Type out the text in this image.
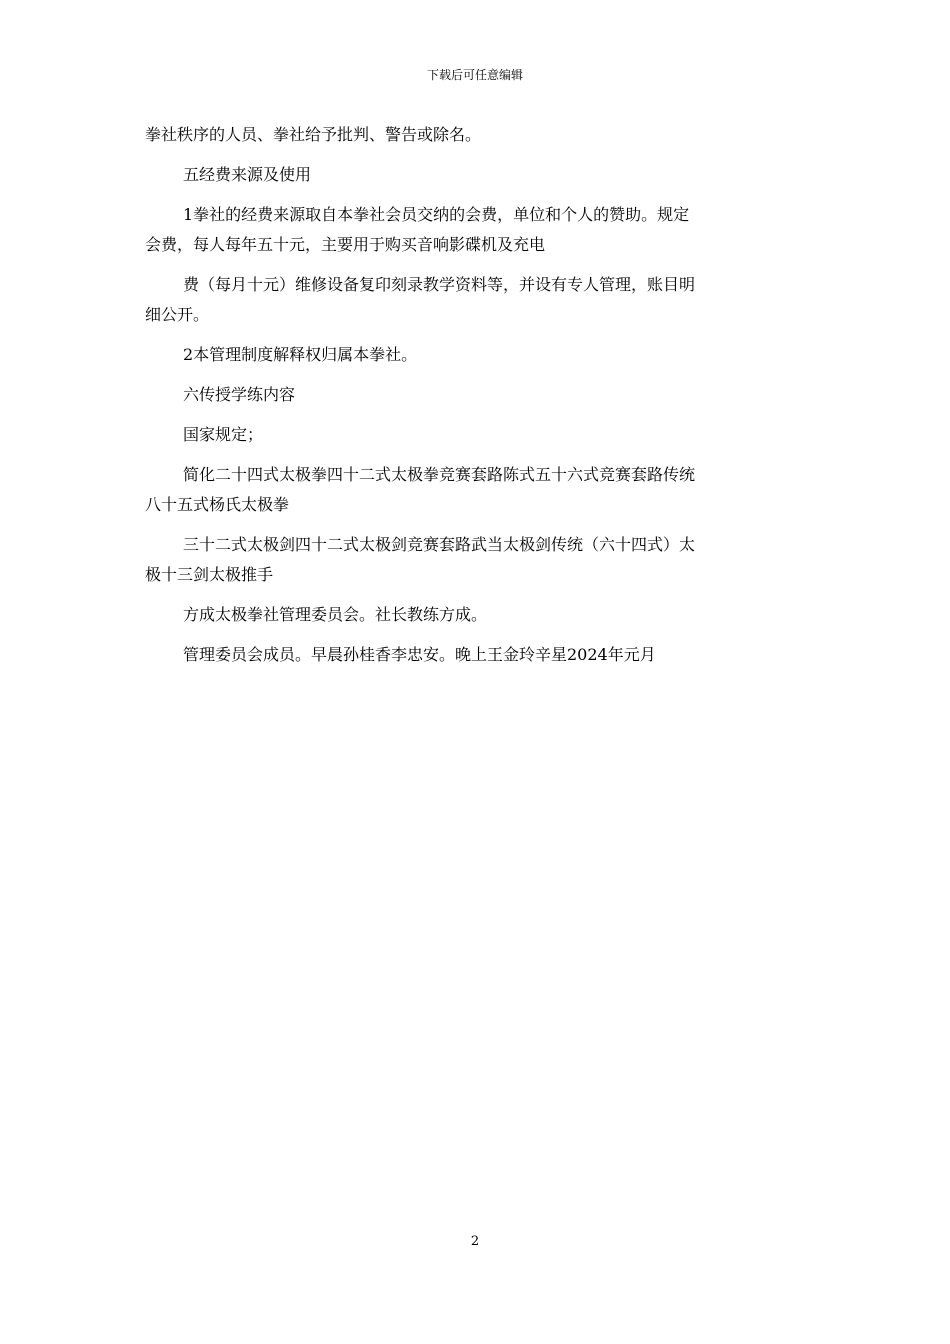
下载后可任意编辑

拳社秩序的人员、拳社给予批判、警告或除名。

五经费来源及使用

1拳社的经费来源取自本拳社会员交纳的会费，单位和个人的赞助。规定

会费，每人每年五十元，主要用于购买音响影碟机及充电

费（每月十元）维修设备复印刻录教学资料等，并设有专人管理，账目明

细公开。

2本管理制度解释权归属本拳社。

六传授学练内容

国家规定；

简化二十四式太极拳四十二式太极拳竞赛套路陈式五十六式竞赛套路传统

八十五式杨氏太极拳

三十二式太极剑四十二式太极剑竞赛套路武当太极剑传统（六十四式）太

极十三剑太极推手

方成太极拳社管理委员会。社长教练方成。

管理委员会成员。早晨孙桂香李忠安。晚上王金玲辛星2024年元月

2
